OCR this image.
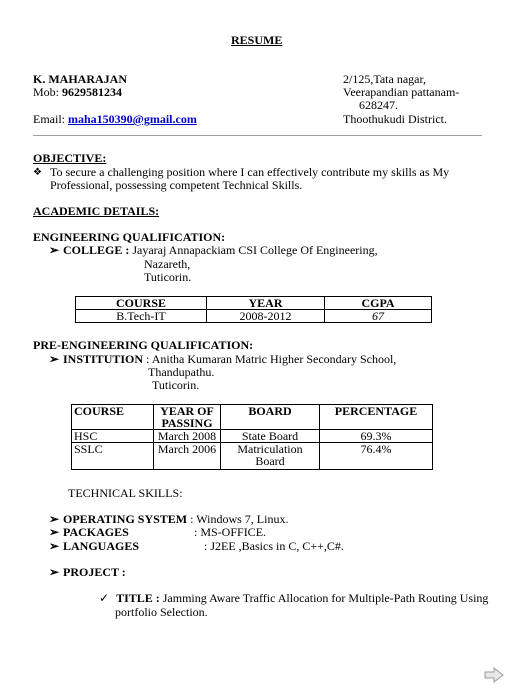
RESUME
K. MAHARAJAN
Mob: 9629581234
Email: maha150390@gmail.com
2/125,Tata nagar,
Veerapandian pattanam-
628247.
Thoothukudi District.
OBJECTIVE:
❖ To secure a challenging position where I can effectively contribute my skills as My
Professional, possessing competent Technical Skills.
ACADEMIC DETAILS:
ENGINEERING QUALIFICATION:
➢ COLLEGE : Jayaraj Annapackiam CSI College Of Engineering,
Nazareth,
Tuticorin.
COURSE	YEAR	CGPA
B.Tech-IT	2008-2012	67
PRE-ENGINEERING QUALIFICATION:
➢ INSTITUTION : Anitha Kumaran Matric Higher Secondary School,
Thandupathu.
Tuticorin.
COURSE	YEAR OF PASSING	BOARD	PERCENTAGE
HSC	March 2008	State Board	69.3%
SSLC	March 2006	Matriculation Board	76.4%
TECHNICAL SKILLS:
➢ OPERATING SYSTEM : Windows 7, Linux.
➢ PACKAGES	: MS-OFFICE.
➢ LANGUAGES	: J2EE ,Basics in C, C++,C#.
➢ PROJECT :
✓ TITLE : Jamming Aware Traffic Allocation for Multiple-Path Routing Using
portfolio Selection.
